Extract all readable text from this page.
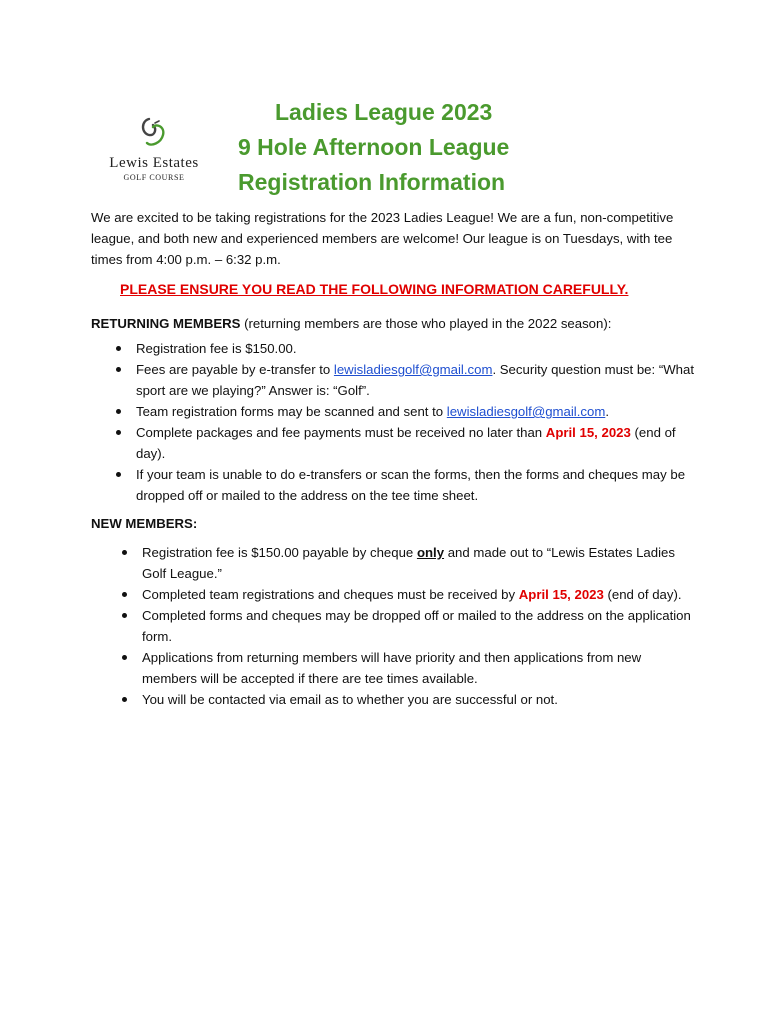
Lewis Estates
GOLF COURSE
Ladies League 2023
9 Hole Afternoon League
Registration Information
We are excited to be taking registrations for the 2023 Ladies League! We are a fun, non-competitive league, and both new and experienced members are welcome! Our league is on Tuesdays, with tee times from 4:00 p.m. – 6:32 p.m.
PLEASE ENSURE YOU READ THE FOLLOWING INFORMATION CAREFULLY.
RETURNING MEMBERS (returning members are those who played in the 2022 season):
Registration fee is $150.00.
Fees are payable by e-transfer to lewisladiesgolf@gmail.com. Security question must be: “What sport are we playing?” Answer is: “Golf”.
Team registration forms may be scanned and sent to lewisladiesgolf@gmail.com.
Complete packages and fee payments must be received no later than April 15, 2023 (end of day).
If your team is unable to do e-transfers or scan the forms, then the forms and cheques may be dropped off or mailed to the address on the tee time sheet.
NEW MEMBERS:
Registration fee is $150.00 payable by cheque only and made out to “Lewis Estates Ladies Golf League.”
Completed team registrations and cheques must be received by April 15, 2023 (end of day).
Completed forms and cheques may be dropped off or mailed to the address on the application form.
Applications from returning members will have priority and then applications from new members will be accepted if there are tee times available.
You will be contacted via email as to whether you are successful or not.
